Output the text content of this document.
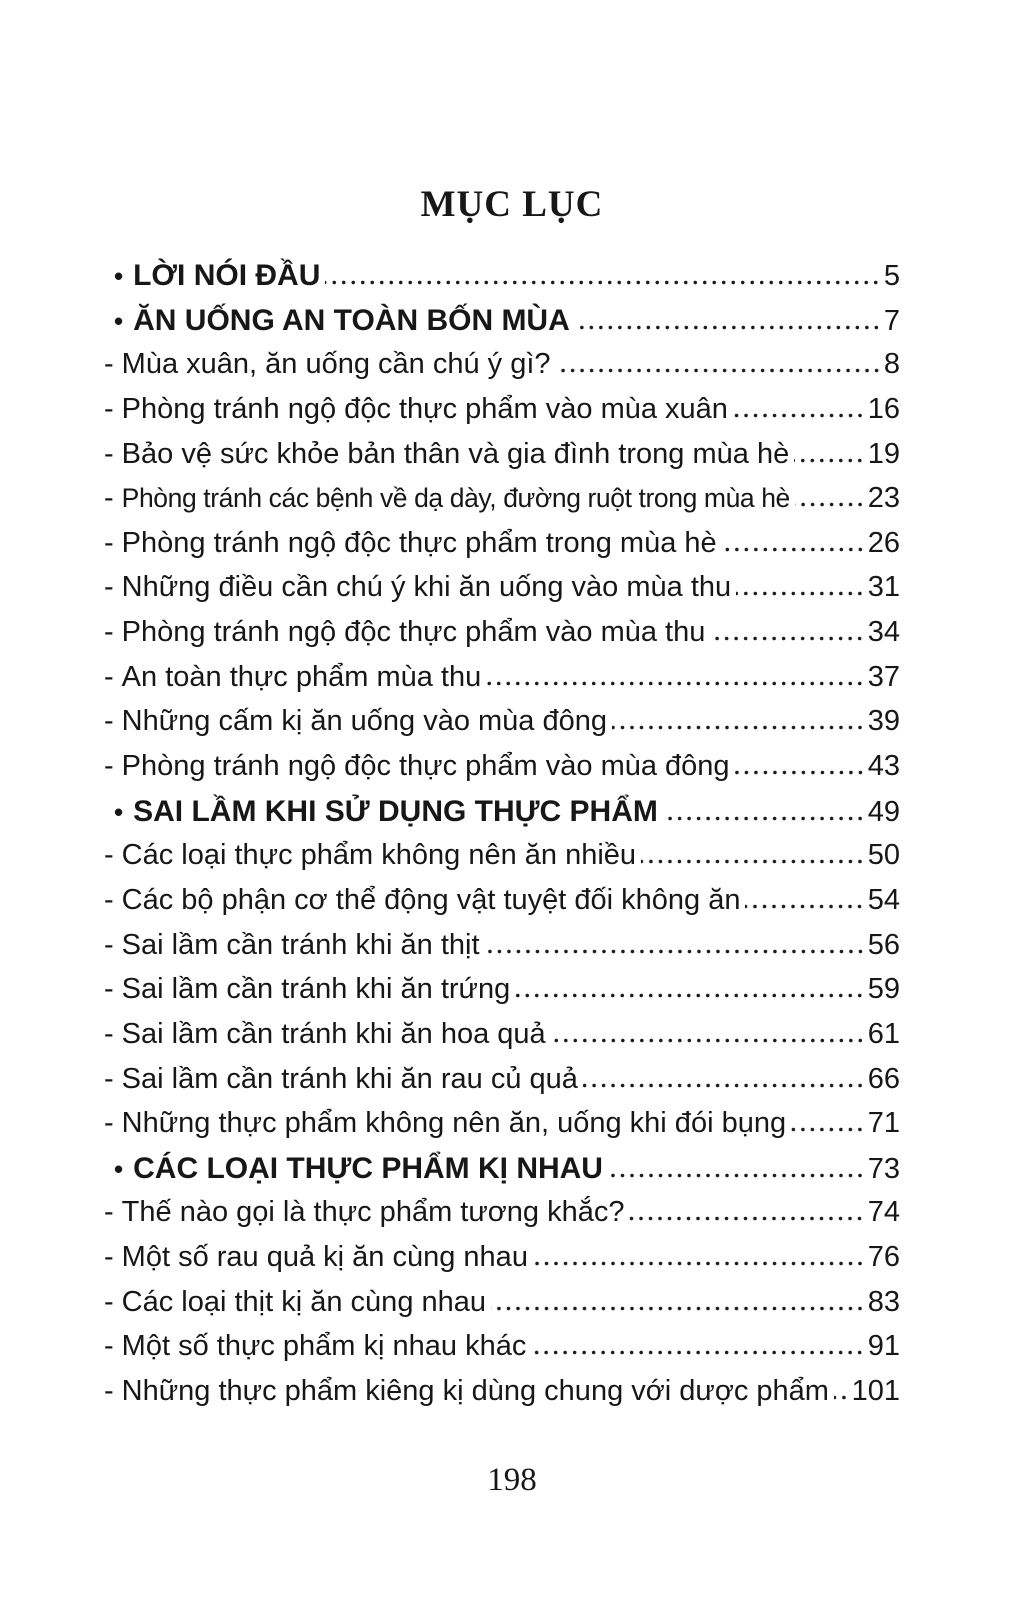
MỤC LỤC
• LỜI NÓI ĐẦU	5
• ĂN UỐNG AN TOÀN BỐN MÙA	7
- Mùa xuân, ăn uống cần chú ý gì?	8
- Phòng tránh ngộ độc thực phẩm vào mùa xuân	16
- Bảo vệ sức khỏe bản thân và gia đình trong mùa hè	19
- Phòng tránh các bệnh về dạ dày, đường ruột trong mùa hè	23
- Phòng tránh ngộ độc thực phẩm trong mùa hè	26
- Những điều cần chú ý khi ăn uống vào mùa thu	31
- Phòng tránh ngộ độc thực phẩm vào mùa thu	34
- An toàn thực phẩm mùa thu	37
- Những cấm kị ăn uống vào mùa đông	39
- Phòng tránh ngộ độc thực phẩm vào mùa đông	43
• SAI LẦM KHI SỬ DỤNG THỰC PHẨM	49
- Các loại thực phẩm không nên ăn nhiều	50
- Các bộ phận cơ thể động vật tuyệt đối không ăn	54
- Sai lầm cần tránh khi ăn thịt	56
- Sai lầm cần tránh khi ăn trứng	59
- Sai lầm cần tránh khi ăn hoa quả	61
- Sai lầm cần tránh khi ăn rau củ quả	66
- Những thực phẩm không nên ăn, uống khi đói bụng	71
• CÁC LOẠI THỰC PHẨM KỊ NHAU	73
- Thế nào gọi là thực phẩm tương khắc?	74
- Một số rau quả kị ăn cùng nhau	76
- Các loại thịt kị ăn cùng nhau	83
- Một số thực phẩm kị nhau khác	91
- Những thực phẩm kiêng kị dùng chung với dược phẩm 101
198
